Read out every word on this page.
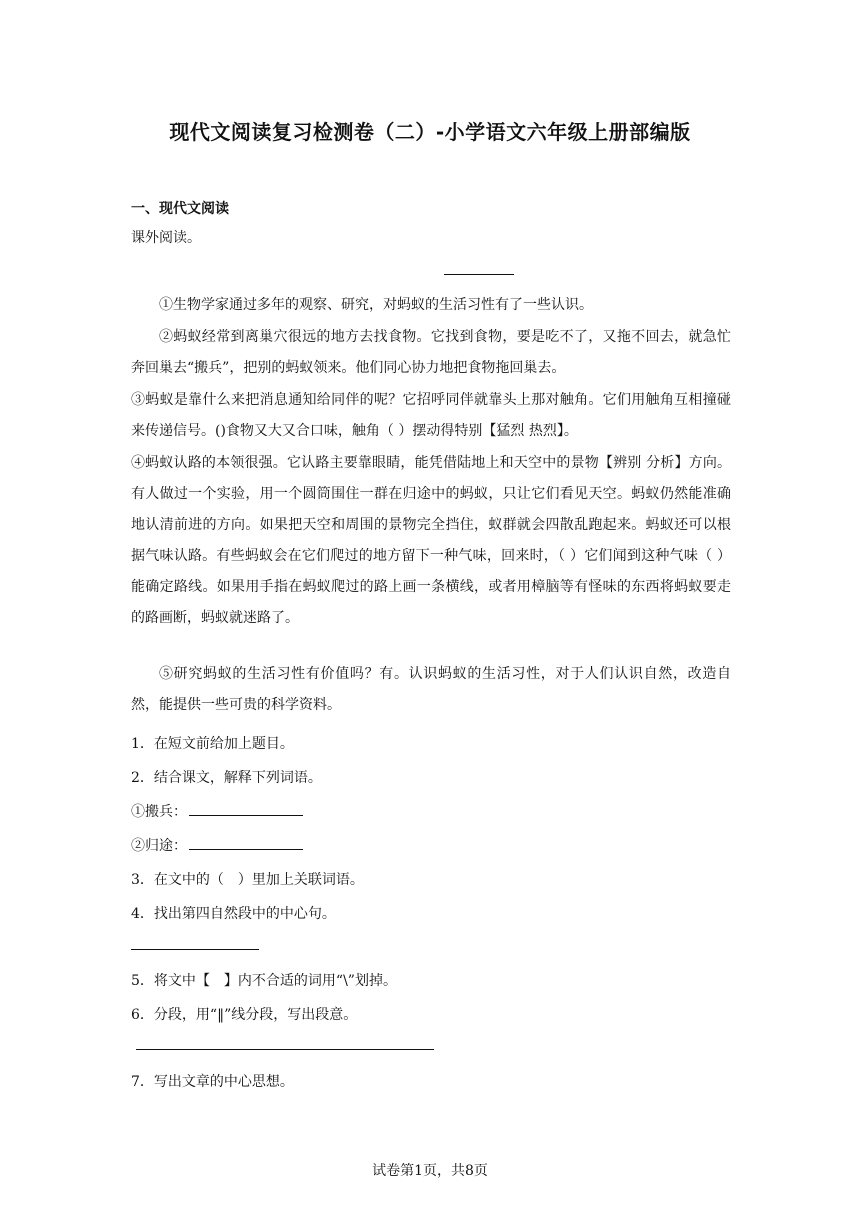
现代文阅读复习检测卷（二）-小学语文六年级上册部编版
一、现代文阅读
课外阅读。
①生物学家通过多年的观察、研究，对蚂蚁的生活习性有了一些认识。
②蚂蚁经常到离巢穴很远的地方去找食物。它找到食物，要是吃不了，又拖不回去，就急忙奔回巢去“搬兵”，把别的蚂蚁领来。他们同心协力地把食物拖回巢去。
③蚂蚁是靠什么来把消息通知给同伴的呢？它招呼同伴就靠头上那对触角。它们用触角互相撞碰来传递信号。()食物又大又合口味，触角（ ）摆动得特别【猛烈 热烈】。
④蚂蚁认路的本领很强。它认路主要靠眼睛，能凭借陆地上和天空中的景物【辨别 分析】方向。有人做过一个实验，用一个圆筒围住一群在归途中的蚂蚁，只让它们看见天空。蚂蚁仍然能准确地认清前进的方向。如果把天空和周围的景物完全挡住，蚁群就会四散乱跑起来。蚂蚁还可以根据气味认路。有些蚂蚁会在它们爬过的地方留下一种气味，回来时，（ ）它们闻到这种气味（ ）能确定路线。如果用手指在蚂蚁爬过的路上画一条横线，或者用樟脑等有怪味的东西将蚂蚁要走的路画断，蚂蚁就迷路了。
⑤研究蚂蚁的生活习性有价值吗？有。认识蚂蚁的生活习性，对于人们认识自然，改造自然，能提供一些可贵的科学资料。
1．在短文前给加上题目。
2．结合课文，解释下列词语。
①搬兵：
②归途：
3．在文中的（　）里加上关联词语。
4．找出第四自然段中的中心句。
5．将文中【　】内不合适的词用“\”划掉。
6．分段，用“‖”线分段，写出段意。
7．写出文章的中心思想。
试卷第1页，共8页
